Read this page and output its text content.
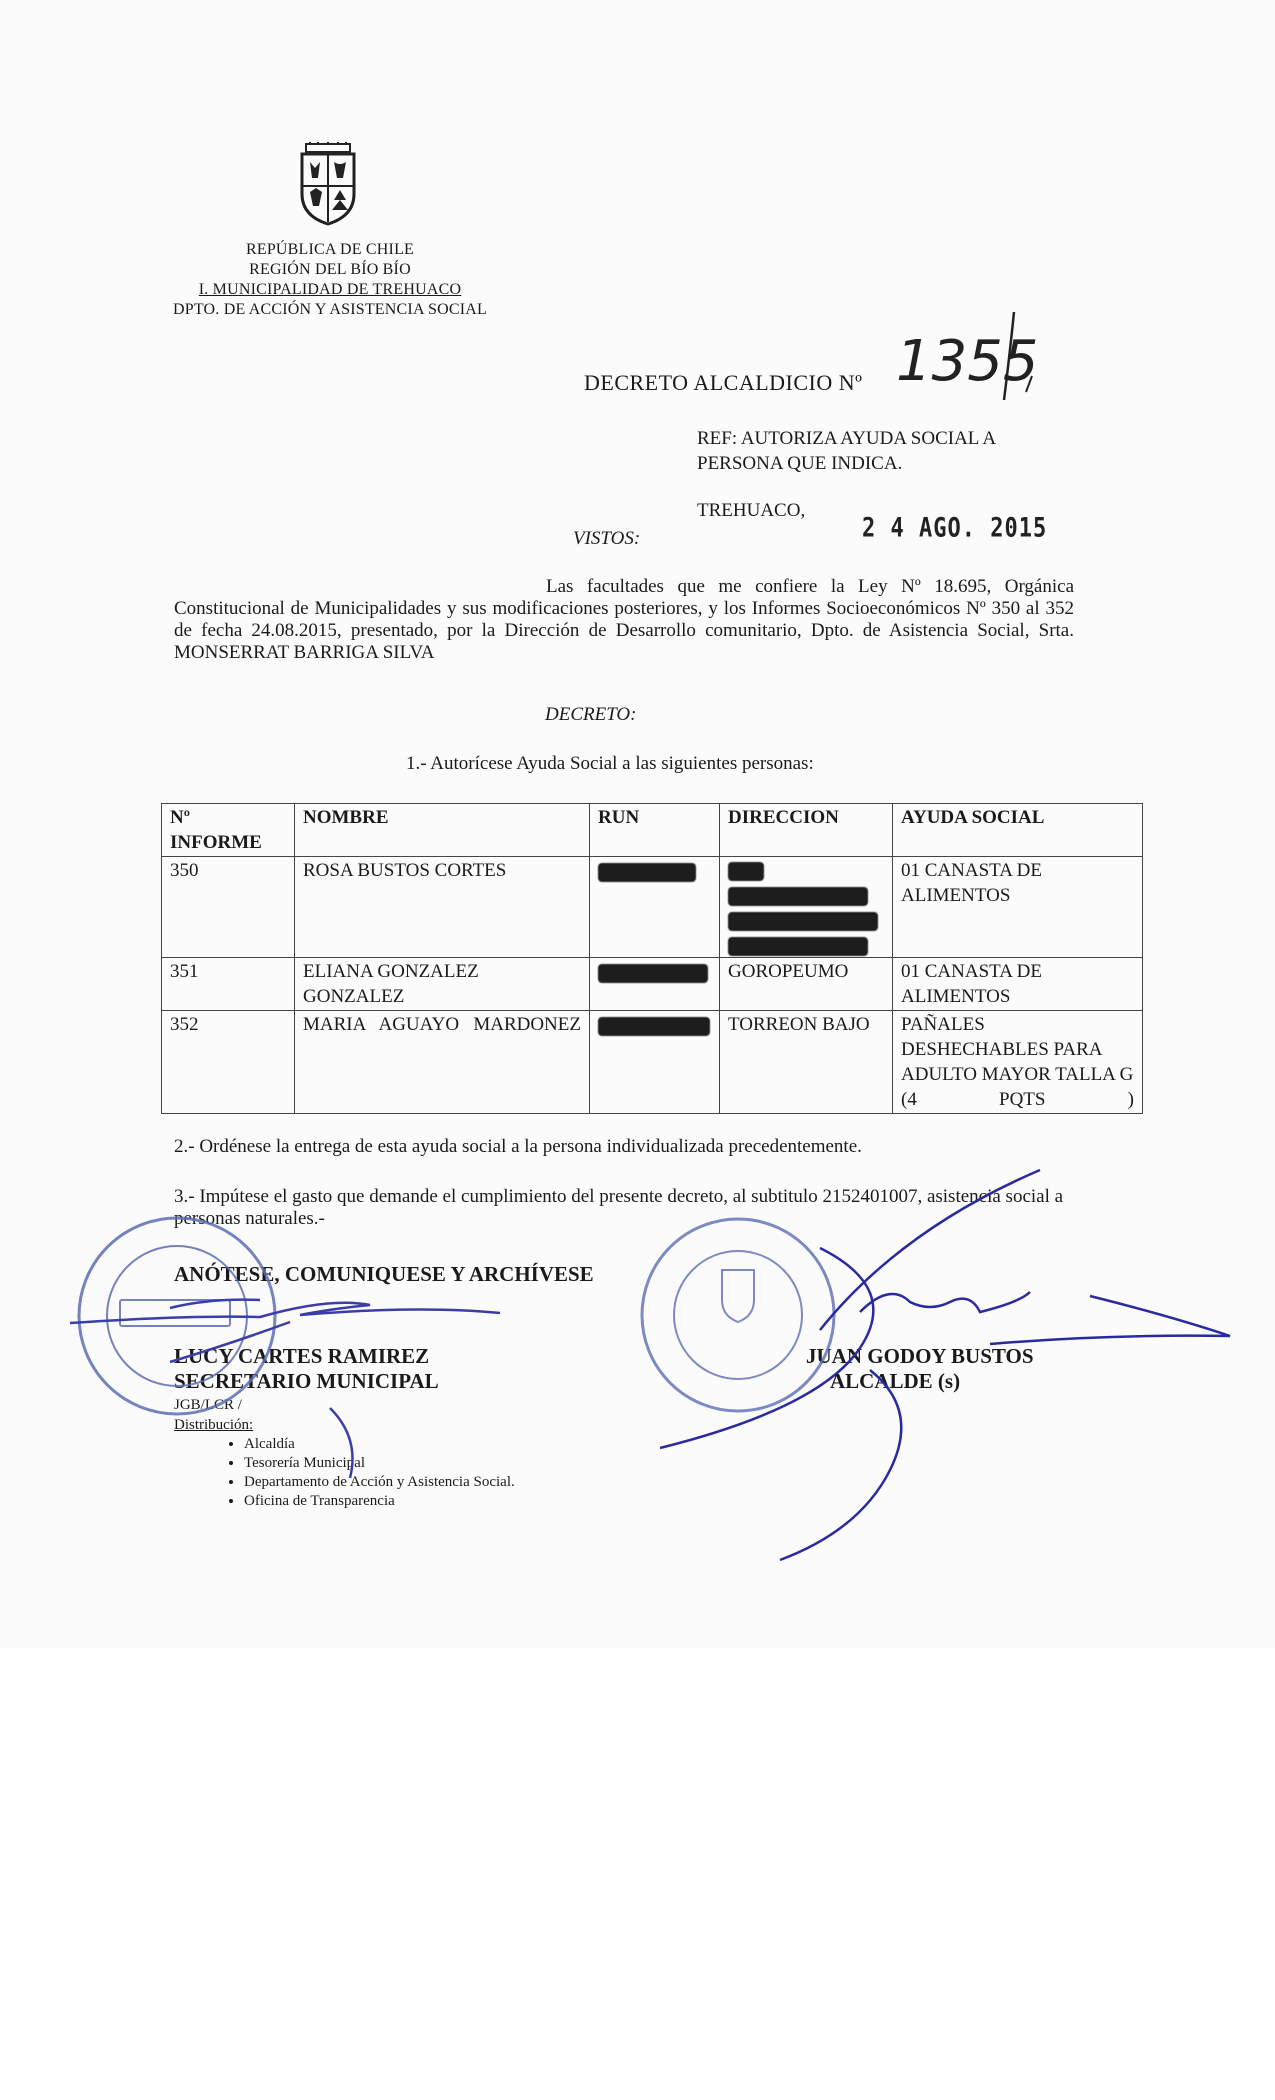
REPÚBLICA DE CHILE
REGIÓN DEL BÍO BÍO
I. MUNICIPALIDAD DE TREHUACO
DPTO. DE ACCIÓN Y ASISTENCIA SOCIAL
DECRETO ALCALDICIO Nº 1355
REF: AUTORIZA AYUDA SOCIAL A PERSONA QUE INDICA.
TREHUACO,
2 4 AGO. 2015
VISTOS:
Las facultades que me confiere la Ley Nº 18.695, Orgánica Constitucional de Municipalidades y sus modificaciones posteriores, y los Informes Socioeconómicos Nº 350 al 352 de fecha 24.08.2015, presentado, por la Dirección de Desarrollo comunitario, Dpto. de Asistencia Social, Srta. MONSERRAT BARRIGA SILVA
DECRETO:
1.- Autorícese Ayuda Social a las siguientes personas:
Nº INFORME	NOMBRE	RUN	DIRECCION	AYUDA SOCIAL
350	ROSA BUSTOS CORTES			01 CANASTA DE ALIMENTOS
351	ELIANA GONZALEZ GONZALEZ		GOROPEUMO	01 CANASTA DE ALIMENTOS
352	MARIA AGUAYO MARDONEZ		TORREON BAJO	PAÑALES DESHECHABLES PARA ADULTO MAYOR TALLA G (4 PQTS )
2.- Ordénese la entrega de esta ayuda social a la persona individualizada precedentemente.
3.- Impútese el gasto que demande el cumplimiento del presente decreto, al subtitulo 2152401007, asistencia social a personas naturales.-
ANÓTESE, COMUNIQUESE Y ARCHÍVESE
LUCY CARTES RAMIREZ
SECRETARIO MUNICIPAL
JUAN GODOY BUSTOS
ALCALDE (s)
JGB/LCR /
Distribución:
• Alcaldía
• Tesorería Municipal
• Departamento de Acción y Asistencia Social.
• Oficina de Transparencia
